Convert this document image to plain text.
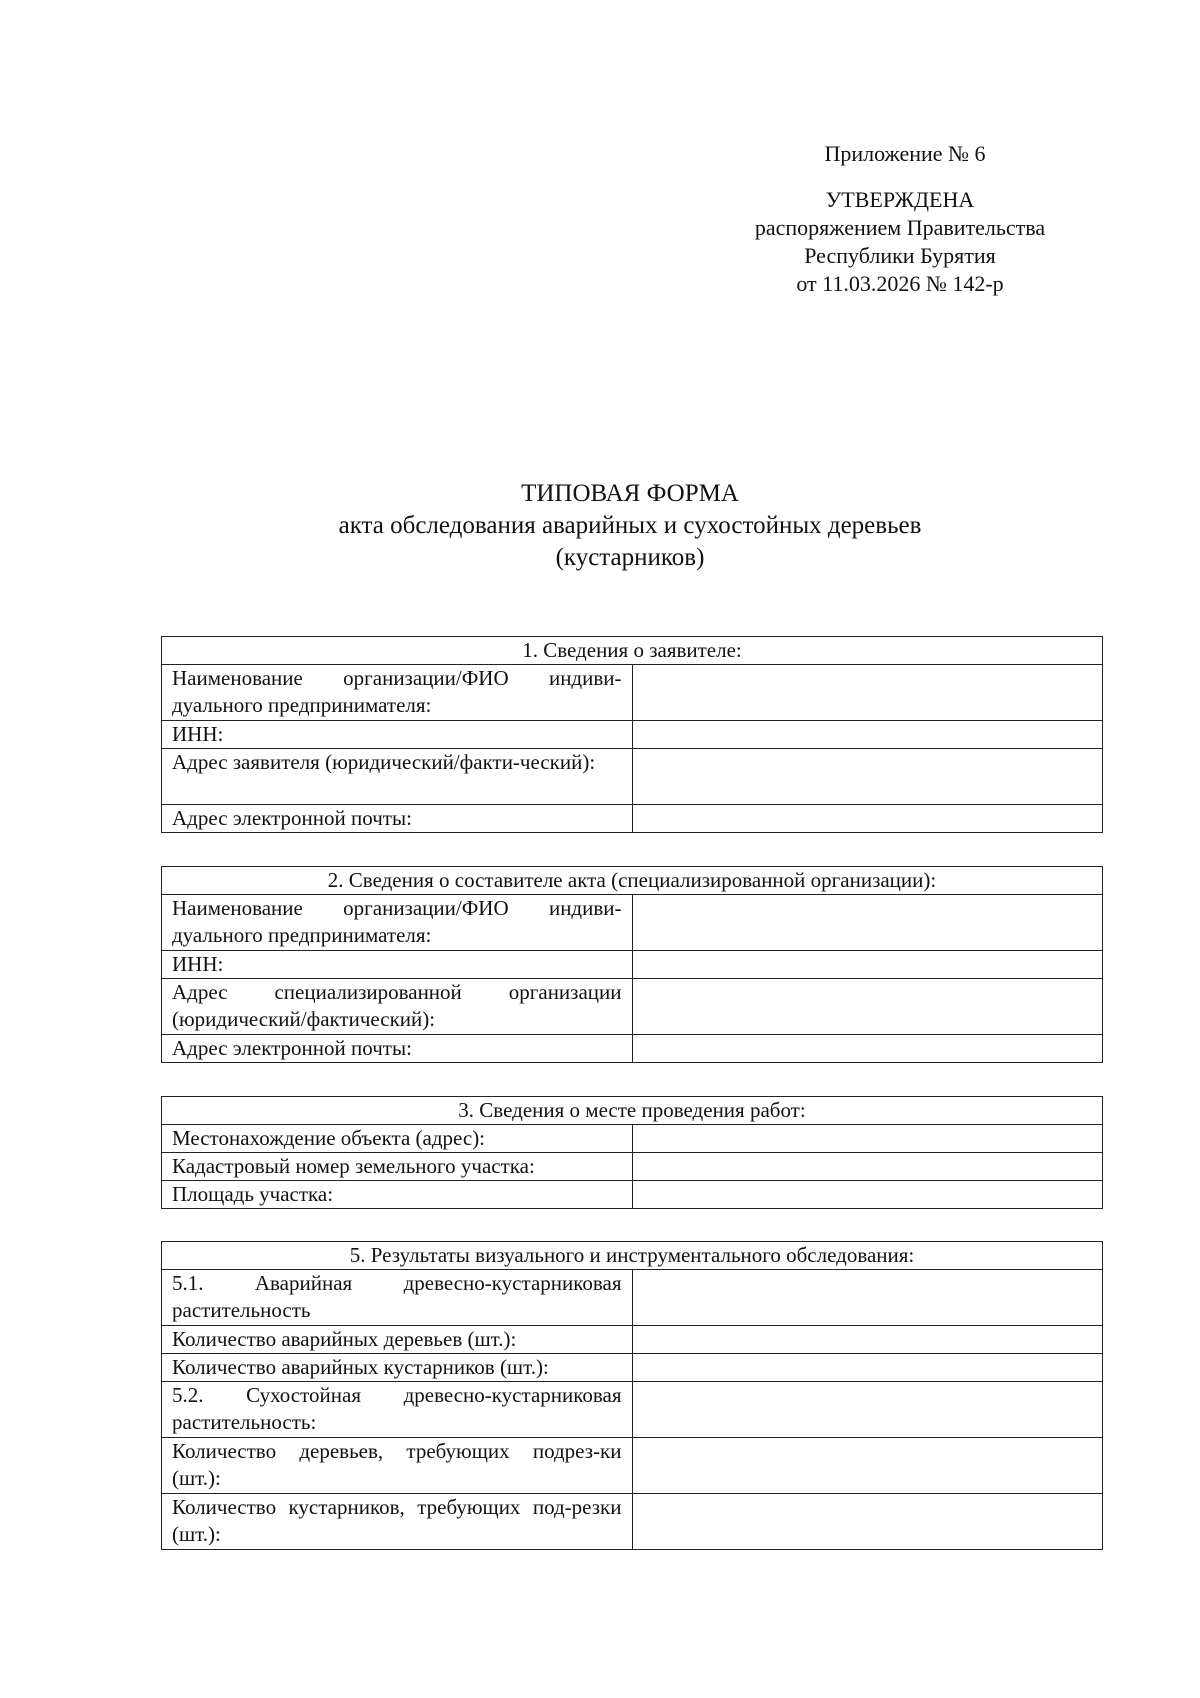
Приложение № 6
УТВЕРЖДЕНА
распоряжением Правительства
Республики Бурятия
от 11.03.2026 № 142-р
ТИПОВАЯ ФОРМА
акта обследования аварийных и сухостойных деревьев
(кустарников)
1. Сведения о заявителе:	
Наименование организации/ФИО индиви-дуального предпринимателя:	
ИНН:	
Адрес заявителя (юридический/факти-ческий):	
Адрес электронной почты:	
2. Сведения о составителе акта (специализированной организации):	
Наименование организации/ФИО индиви-дуального предпринимателя:	
ИНН:	
Адрес специализированной организации (юридический/фактический):	
Адрес электронной почты:	
3. Сведения о месте проведения работ:	
Местонахождение объекта (адрес):	
Кадастровый номер земельного участка:	
Площадь участка:	
5. Результаты визуального и инструментального обследования:	
5.1. Аварийная древесно-кустарниковая растительность	
Количество аварийных деревьев (шт.):	
Количество аварийных кустарников (шт.):	
5.2. Сухостойная древесно-кустарниковая растительность:	
Количество деревьев, требующих подрез-ки (шт.):	
Количество кустарников, требующих под-резки (шт.):	
